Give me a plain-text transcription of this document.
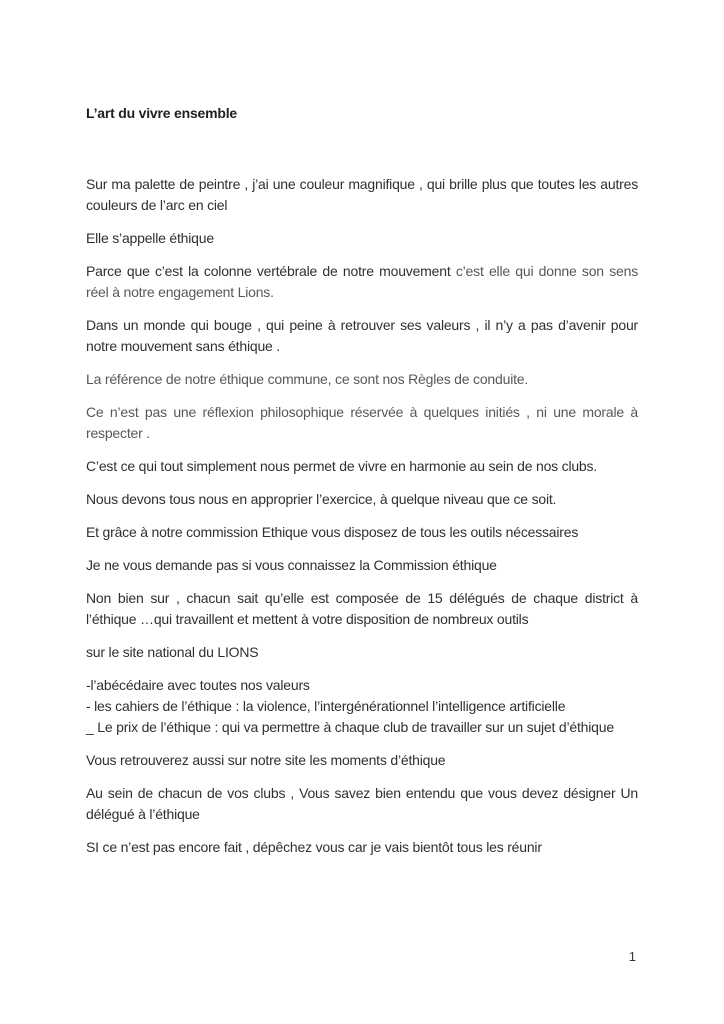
L’art du vivre ensemble

Sur ma palette de peintre , j’ai une couleur magnifique , qui brille plus que toutes les autres couleurs de l’arc en ciel

Elle s’appelle éthique

Parce que c’est la colonne vertébrale de notre mouvement c’est elle qui donne son sens réel à notre engagement Lions.

Dans un monde qui bouge , qui peine à retrouver ses valeurs , il n’y a pas d’avenir pour notre mouvement sans éthique .

La référence de notre éthique commune, ce sont nos Règles de conduite.

Ce n’est pas une réflexion philosophique réservée à quelques initiés , ni une morale à respecter .

C’est ce qui tout simplement nous permet de vivre en harmonie au sein de nos clubs.

Nous devons tous nous en approprier l’exercice, à quelque niveau que ce soit.

Et grâce à notre commission Ethique vous disposez de tous les outils nécessaires

Je ne vous demande pas si vous connaissez la Commission éthique

Non bien sur , chacun sait qu’elle est composée de 15 délégués de chaque district à l’éthique …qui travaillent et mettent à votre disposition de nombreux outils

sur le site national du LIONS

-l’abécédaire avec toutes nos valeurs

- les cahiers de l’éthique : la violence, l’intergénérationnel l’intelligence artificielle

_ Le prix de l’éthique : qui va permettre à chaque club de travailler sur un sujet d’éthique

Vous retrouverez aussi sur notre site les moments d’éthique

Au sein de chacun de vos clubs , Vous savez bien entendu que vous devez désigner Un délégué à l’éthique

SI ce n’est pas encore fait , dépêchez vous car je vais bientôt tous les réunir

1
